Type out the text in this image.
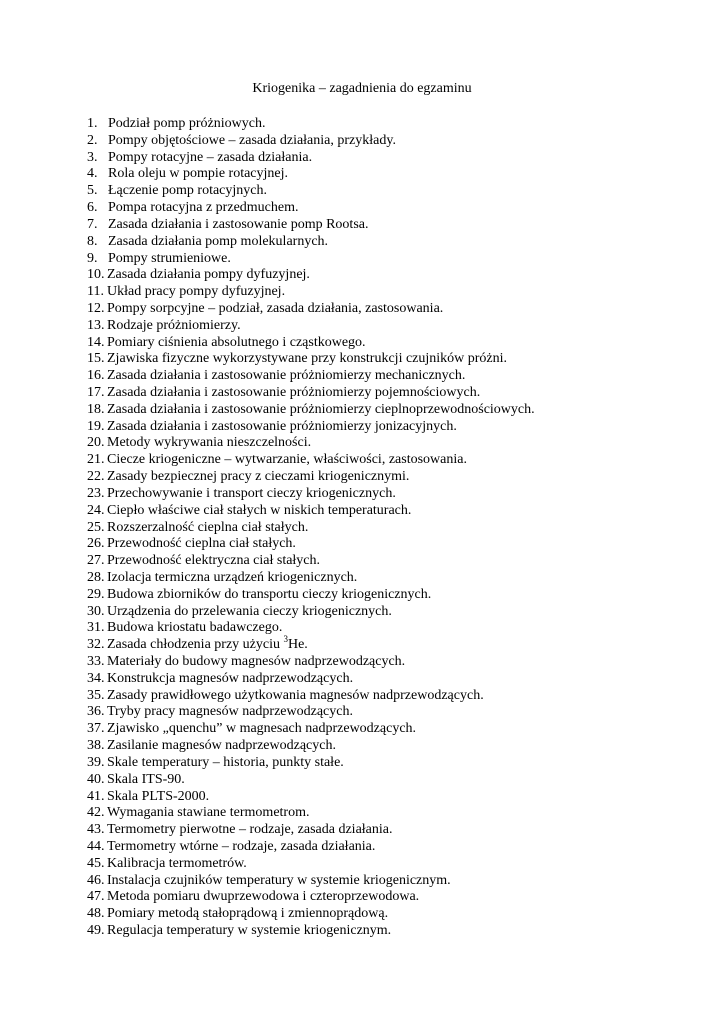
Kriogenika – zagadnienia do egzaminu
1. Podział pomp próżniowych.
2. Pompy objętościowe – zasada działania, przykłady.
3. Pompy rotacyjne – zasada działania.
4. Rola oleju w pompie rotacyjnej.
5. Łączenie pomp rotacyjnych.
6. Pompa rotacyjna z przedmuchem.
7. Zasada działania i zastosowanie pomp Rootsa.
8. Zasada działania pomp molekularnych.
9. Pompy strumieniowe.
10. Zasada działania pompy dyfuzyjnej.
11. Układ pracy pompy dyfuzyjnej.
12. Pompy sorpcyjne – podział, zasada działania, zastosowania.
13. Rodzaje próżniomierzy.
14. Pomiary ciśnienia absolutnego i cząstkowego.
15. Zjawiska fizyczne wykorzystywane przy konstrukcji czujników próżni.
16. Zasada działania i zastosowanie próżniomierzy mechanicznych.
17. Zasada działania i zastosowanie próżniomierzy pojemnościowych.
18. Zasada działania i zastosowanie próżniomierzy cieplnoprzewodnościowych.
19. Zasada działania i zastosowanie próżniomierzy jonizacyjnych.
20. Metody wykrywania nieszczelności.
21. Ciecze kriogeniczne – wytwarzanie, właściwości, zastosowania.
22. Zasady bezpiecznej pracy z cieczami kriogenicznymi.
23. Przechowywanie i transport cieczy kriogenicznych.
24. Ciepło właściwe ciał stałych w niskich temperaturach.
25. Rozszerzalność cieplna ciał stałych.
26. Przewodność cieplna ciał stałych.
27. Przewodność elektryczna ciał stałych.
28. Izolacja termiczna urządzeń kriogenicznych.
29. Budowa zbiorników do transportu cieczy kriogenicznych.
30. Urządzenia do przelewania cieczy kriogenicznych.
31. Budowa kriostatu badawczego.
32. Zasada chłodzenia przy użyciu $^3$He.
33. Materiały do budowy magnesów nadprzewodzących.
34. Konstrukcja magnesów nadprzewodzących.
35. Zasady prawidłowego użytkowania magnesów nadprzewodzących.
36. Tryby pracy magnesów nadprzewodzących.
37. Zjawisko „quenchu” w magnesach nadprzewodzących.
38. Zasilanie magnesów nadprzewodzących.
39. Skale temperatury – historia, punkty stałe.
40. Skala ITS-90.
41. Skala PLTS-2000.
42. Wymagania stawiane termometrom.
43. Termometry pierwotne – rodzaje, zasada działania.
44. Termometry wtórne – rodzaje, zasada działania.
45. Kalibracja termometrów.
46. Instalacja czujników temperatury w systemie kriogenicznym.
47. Metoda pomiaru dwuprzewodowa i czteroprzewodowa.
48. Pomiary metodą stałoprądową i zmiennoprądową.
49. Regulacja temperatury w systemie kriogenicznym.
